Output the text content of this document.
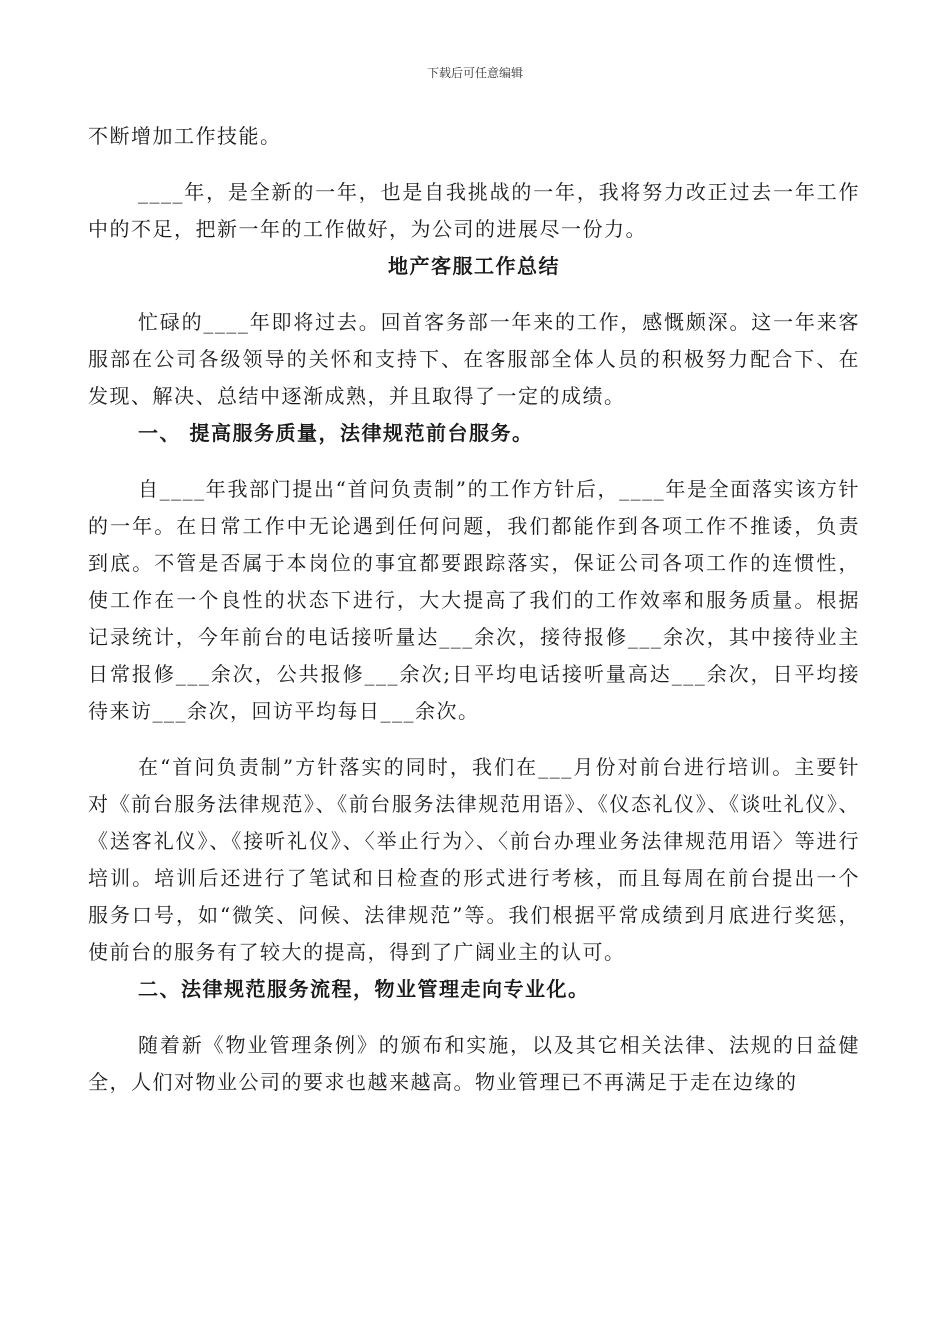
下载后可任意编辑

不断增加工作技能。

____年，是全新的一年，也是自我挑战的一年，我将努力改正过去一年工作中的不足，把新一年的工作做好，为公司的进展尽一份力。

地产客服工作总结

忙碌的____年即将过去。回首客务部一年来的工作，感慨颇深。这一年来客服部在公司各级领导的关怀和支持下、在客服部全体人员的积极努力配合下、在发现、解决、总结中逐渐成熟，并且取得了一定的成绩。

一、 提高服务质量，法律规范前台服务。

自____年我部门提出“首问负责制”的工作方针后，____年是全面落实该方针的一年。在日常工作中无论遇到任何问题，我们都能作到各项工作不推诿，负责到底。不管是否属于本岗位的事宜都要跟踪落实，保证公司各项工作的连惯性，使工作在一个良性的状态下进行，大大提高了我们的工作效率和服务质量。根据记录统计，今年前台的电话接听量达___余次，接待报修___余次，其中接待业主日常报修___余次，公共报修___余次;日平均电话接听量高达___余次，日平均接待来访___余次，回访平均每日___余次。

在“首问负责制”方针落实的同时，我们在___月份对前台进行培训。主要针对《前台服务法律规范》、《前台服务法律规范用语》、《仪态礼仪》、《谈吐礼仪》、《送客礼仪》、《接听礼仪》、〈举止行为〉、〈前台办理业务法律规范用语〉等进行培训。培训后还进行了笔试和日检查的形式进行考核，而且每周在前台提出一个服务口号，如“微笑、问候、法律规范”等。我们根据平常成绩到月底进行奖惩，使前台的服务有了较大的提高，得到了广阔业主的认可。

二、法律规范服务流程，物业管理走向专业化。

随着新《物业管理条例》的颁布和实施，以及其它相关法律、法规的日益健全，人们对物业公司的要求也越来越高。物业管理已不再满足于走在边缘的
